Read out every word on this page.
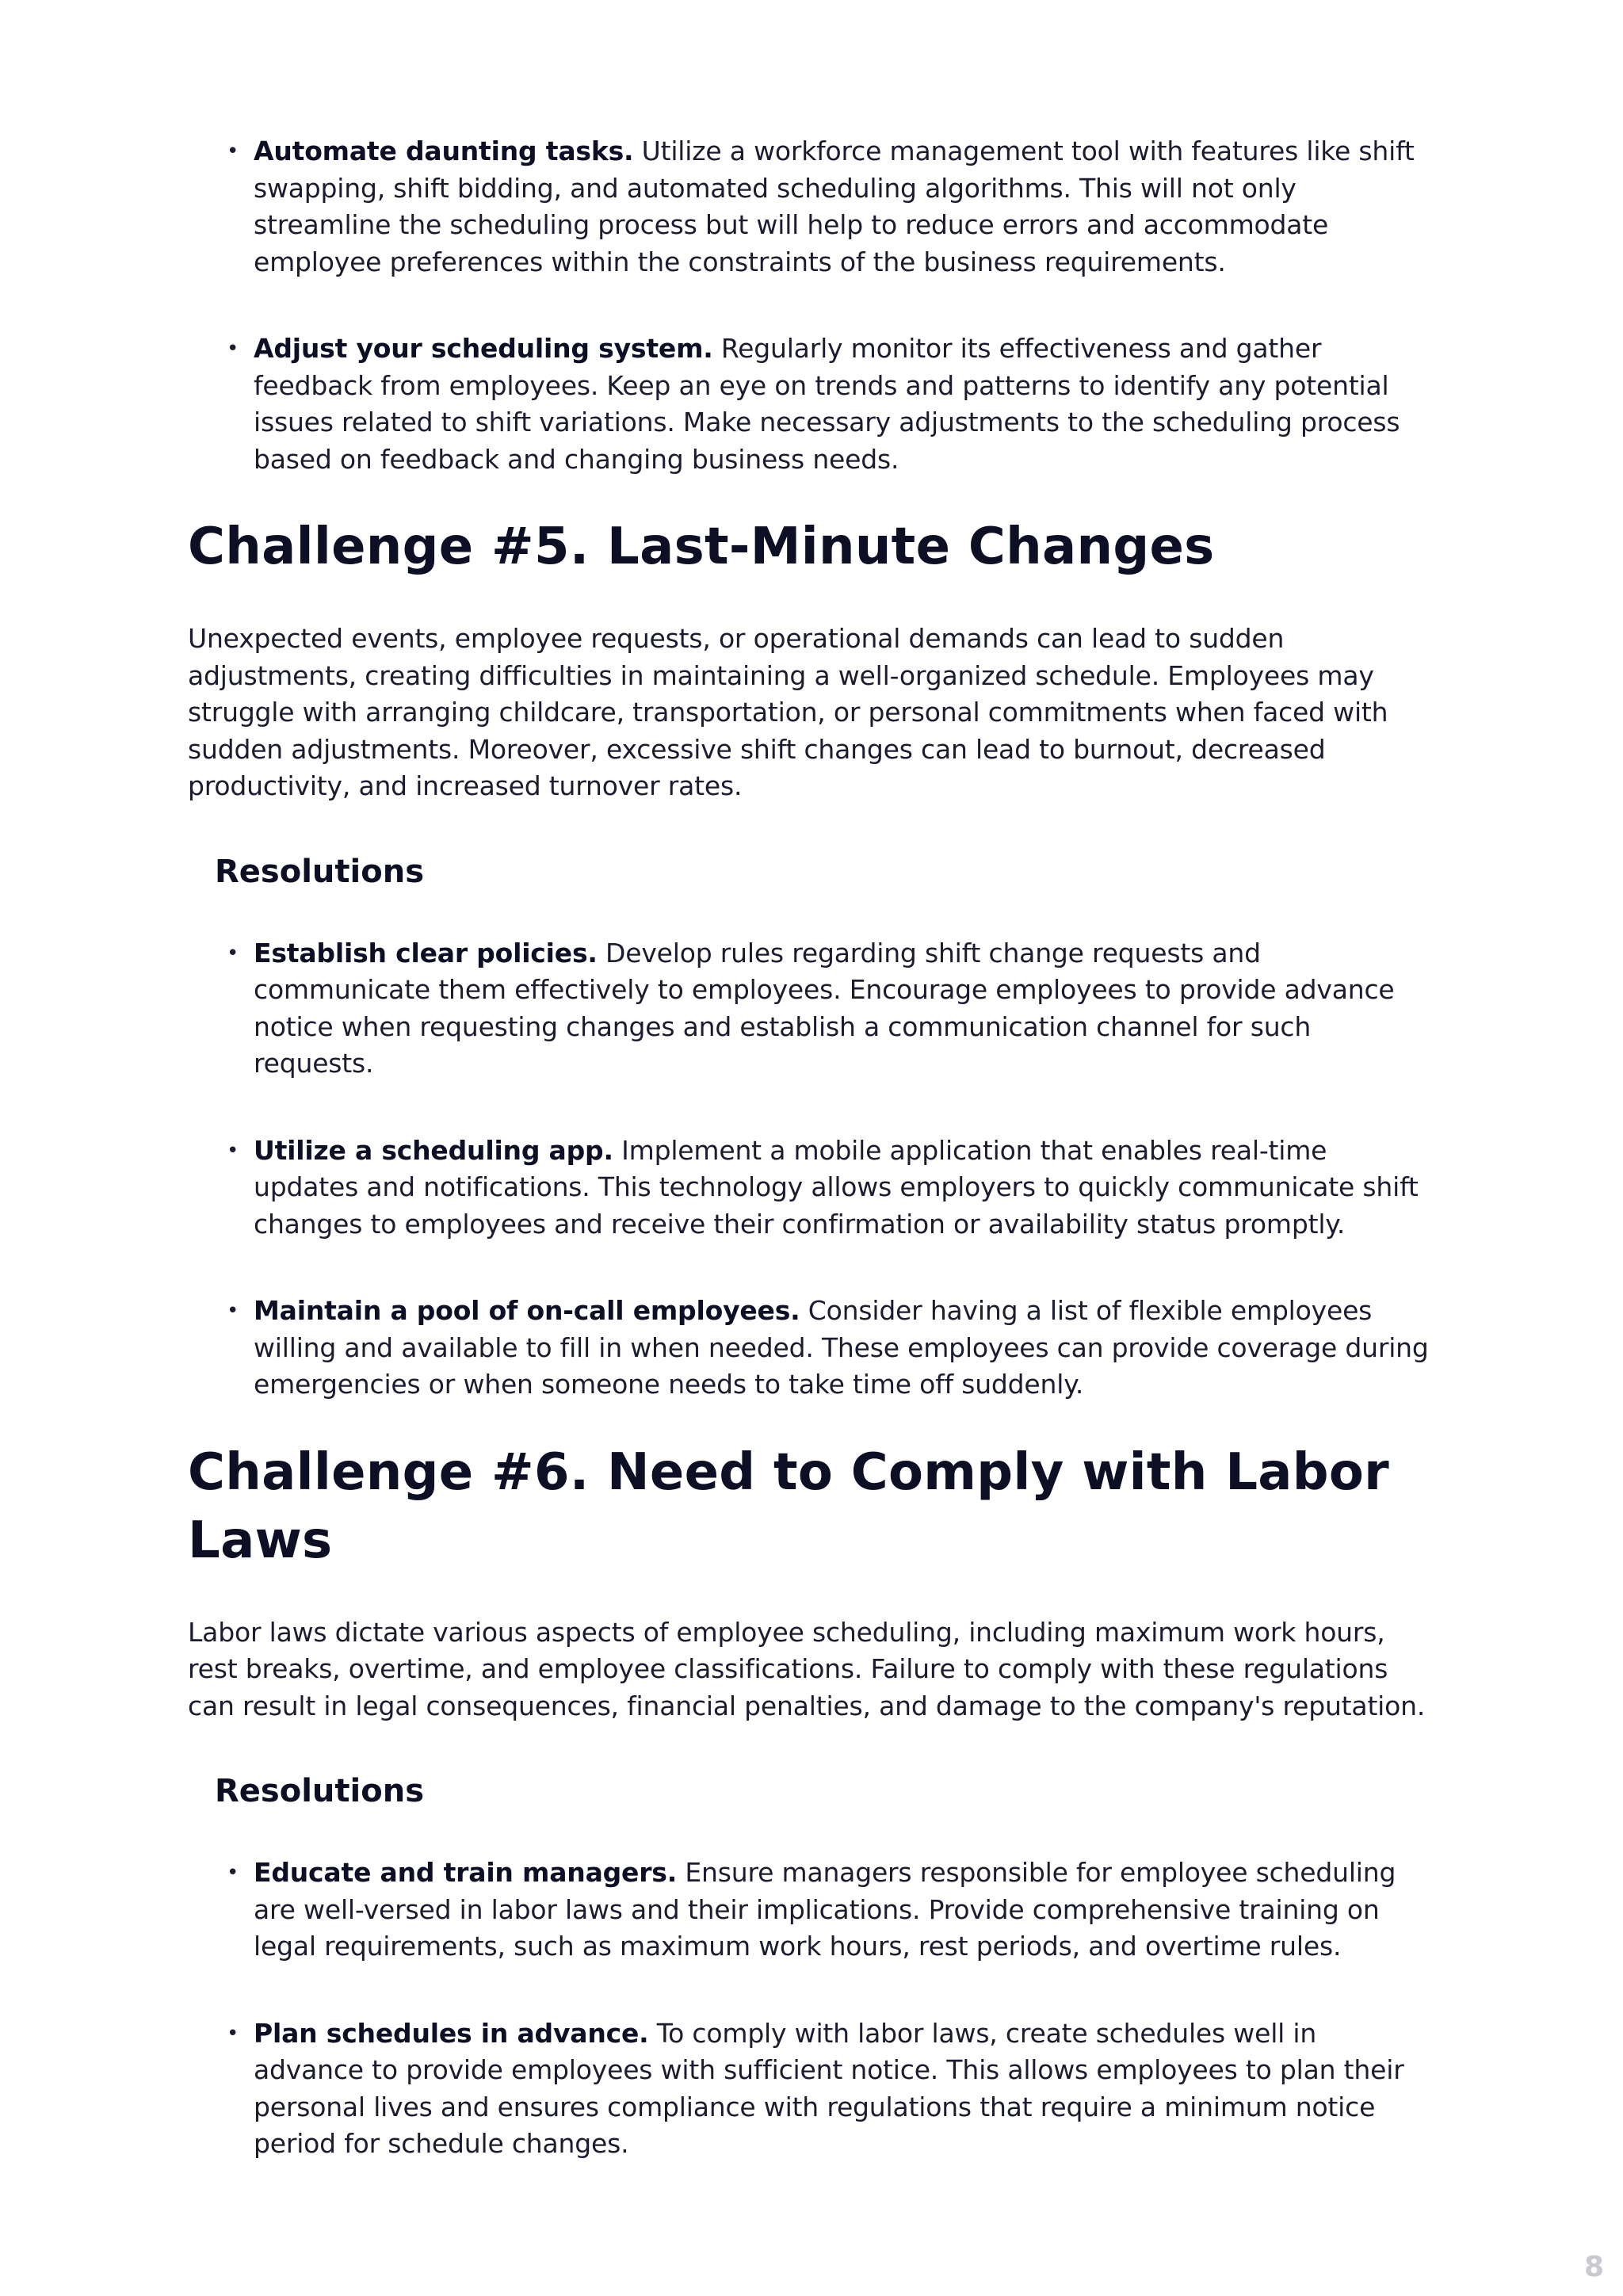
• Automate daunting tasks. Utilize a workforce management tool with features like shift swapping, shift bidding, and automated scheduling algorithms. This will not only streamline the scheduling process but will help to reduce errors and accommodate employee preferences within the constraints of the business requirements.
• Adjust your scheduling system. Regularly monitor its effectiveness and gather feedback from employees. Keep an eye on trends and patterns to identify any potential issues related to shift variations. Make necessary adjustments to the scheduling process based on feedback and changing business needs.
Challenge #5. Last-Minute Changes

Unexpected events, employee requests, or operational demands can lead to sudden adjustments, creating difficulties in maintaining a well-organized schedule. Employees may struggle with arranging childcare, transportation, or personal commitments when faced with sudden adjustments. Moreover, excessive shift changes can lead to burnout, decreased productivity, and increased turnover rates.

Resolutions
• Establish clear policies. Develop rules regarding shift change requests and communicate them effectively to employees. Encourage employees to provide advance notice when requesting changes and establish a communication channel for such requests.
• Utilize a scheduling app. Implement a mobile application that enables real-time updates and notifications. This technology allows employers to quickly communicate shift changes to employees and receive their confirmation or availability status promptly.
• Maintain a pool of on-call employees. Consider having a list of flexible employees willing and available to fill in when needed. These employees can provide coverage during emergencies or when someone needs to take time off suddenly.
Challenge #6. Need to Comply with Labor Laws

Labor laws dictate various aspects of employee scheduling, including maximum work hours, rest breaks, overtime, and employee classifications. Failure to comply with these regulations can result in legal consequences, financial penalties, and damage to the company's reputation.

Resolutions
• Educate and train managers. Ensure managers responsible for employee scheduling are well-versed in labor laws and their implications. Provide comprehensive training on legal requirements, such as maximum work hours, rest periods, and overtime rules.
• Plan schedules in advance. To comply with labor laws, create schedules well in advance to provide employees with sufficient notice. This allows employees to plan their personal lives and ensures compliance with regulations that require a minimum notice period for schedule changes.
8
